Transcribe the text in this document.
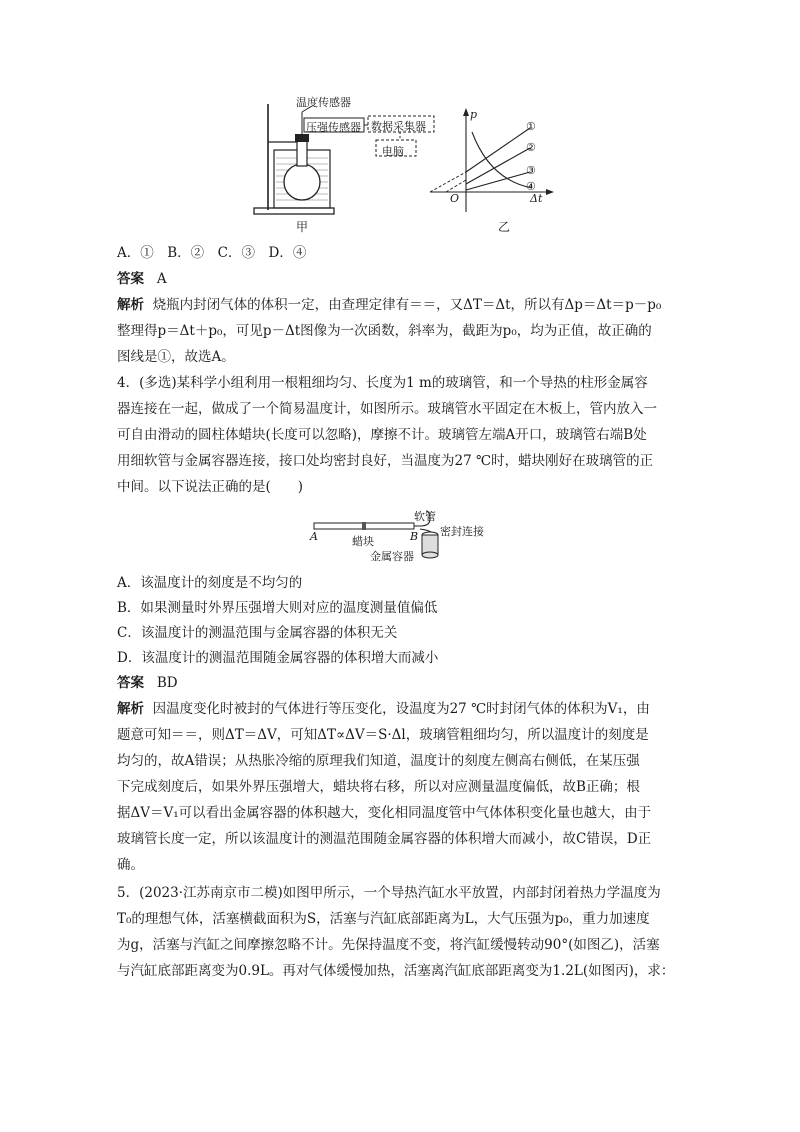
温度传感器
压强传感器 数据采集器
电脑
甲	乙
p
Δt
O
①
②
③
④
A．①　B．②　C．③　D．④
答案 A
解析 烧瓶内封闭气体的体积一定，由查理定律有＝＝，又ΔT＝Δt，所以有Δp＝Δt＝p－p₀
整理得p＝Δt＋p₀，可见p－Δt图像为一次函数，斜率为，截距为p₀，均为正值，故正确的
图线是①，故选A。
4．(多选)某科学小组利用一根粗细均匀、长度为1 m的玻璃管，和一个导热的柱形金属容
器连接在一起，做成了一个简易温度计，如图所示。玻璃管水平固定在木板上，管内放入一
可自由滑动的圆柱体蜡块(长度可以忽略)，摩擦不计。玻璃管左端A开口，玻璃管右端B处
用细软管与金属容器连接，接口处均密封良好，当温度为27 ℃时，蜡块刚好在玻璃管的正
中间。以下说法正确的是(　　)
软管
密封连接
A	B
蜡块
金属容器
A．该温度计的刻度是不均匀的
B．如果测量时外界压强增大则对应的温度测量值偏低
C．该温度计的测温范围与金属容器的体积无关
D．该温度计的测温范围随金属容器的体积增大而减小
答案 BD
解析 因温度变化时被封的气体进行等压变化，设温度为27 ℃时封闭气体的体积为V₁，由
题意可知＝＝，则ΔT＝ΔV，可知ΔT∝ΔV＝S·Δl，玻璃管粗细均匀，所以温度计的刻度是
均匀的，故A错误；从热胀冷缩的原理我们知道，温度计的刻度左侧高右侧低，在某压强
下完成刻度后，如果外界压强增大，蜡块将右移，所以对应测量温度偏低，故B正确；根
据ΔV＝V₁可以看出金属容器的体积越大，变化相同温度管中气体体积变化量也越大，由于
玻璃管长度一定，所以该温度计的测温范围随金属容器的体积增大而减小，故C错误，D正
确。
5．(2023·江苏南京市二模)如图甲所示，一个导热汽缸水平放置，内部封闭着热力学温度为
T₀的理想气体，活塞横截面积为S，活塞与汽缸底部距离为L，大气压强为p₀，重力加速度
为g，活塞与汽缸之间摩擦忽略不计。先保持温度不变，将汽缸缓慢转动90°(如图乙)，活塞
与汽缸底部距离变为0.9L。再对气体缓慢加热，活塞离汽缸底部距离变为1.2L(如图丙)，求：
